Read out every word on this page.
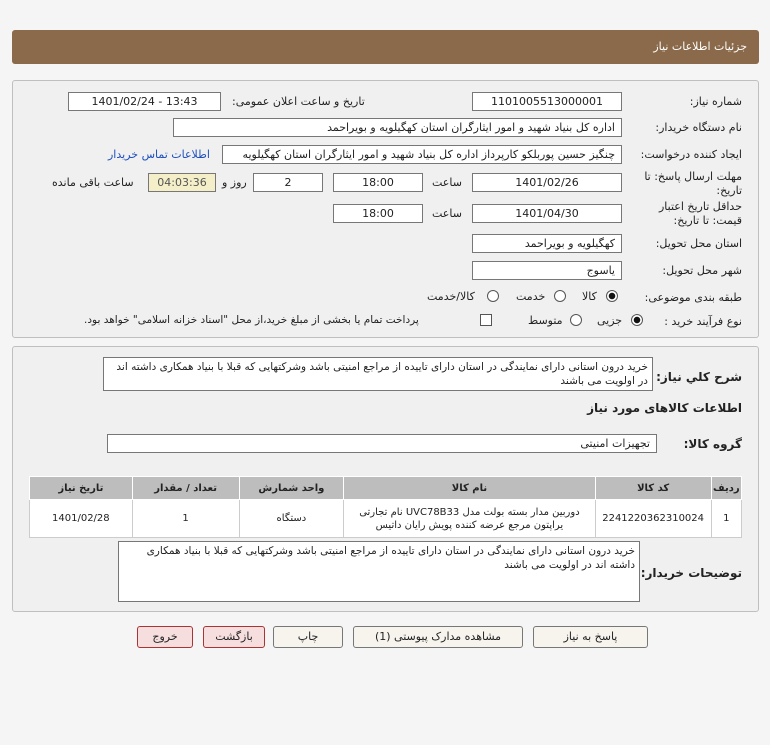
جزئیات اطلاعات نیاز
شماره نیاز:
1101005513000001
تاریخ و ساعت اعلان عمومی:
1401/02/24 - 13:43
نام دستگاه خریدار:
اداره کل بنیاد شهید و امور ایثارگران استان کهگیلویه و بویراحمد
ایجاد کننده درخواست:
چنگیز حسین پوربلکو کارپرداز اداره کل بنیاد شهید و امور ایثارگران استان کهگیلویه
اطلاعات تماس خریدار
مهلت ارسال پاسخ: تا
تاریخ:
1401/02/26
ساعت
18:00
2
روز و
04:03:36
ساعت باقی مانده
حداقل تاریخ اعتبار
قیمت: تا تاریخ:
1401/04/30
ساعت
18:00
استان محل تحویل:
کهگیلویه و بویراحمد
شهر محل تحویل:
یاسوج
طبقه بندی موضوعی:
کالا
خدمت
کالا/خدمت
نوع فرآیند خرید :
جزیی
متوسط
پرداخت تمام یا بخشی از مبلغ خرید،از محل "اسناد خزانه اسلامی" خواهد بود.
شرح کلي نياز:
خرید درون استانی دارای نمایندگی در استان دارای تاییده از مراجع امنیتی باشد وشرکتهایی که قبلا با بنیاد همکاری داشته اند در اولویت می باشند
اطلاعات کالاهای مورد نیاز
گروه کالا:
تجهیزات امنیتی
ردیف	کد کالا	نام کالا	واحد شمارش	تعداد / مقدار	تاریخ نیاز
1	2241220362310024	دوربین مدار بسته بولت مدل UVC78B33 نام تجارتی یراپتون مرجع عرضه کننده پویش رایان داتیس	دستگاه	1	1401/02/28
توضیحات خریدار:
خرید درون استانی دارای نمایندگی در استان دارای تاییده از مراجع امنیتی باشد وشرکتهایی که قبلا با بنیاد همکاری داشته اند در اولویت می باشند
پاسخ به نیاز
مشاهده مدارک پیوستی (1)
چاپ
بازگشت
خروج
